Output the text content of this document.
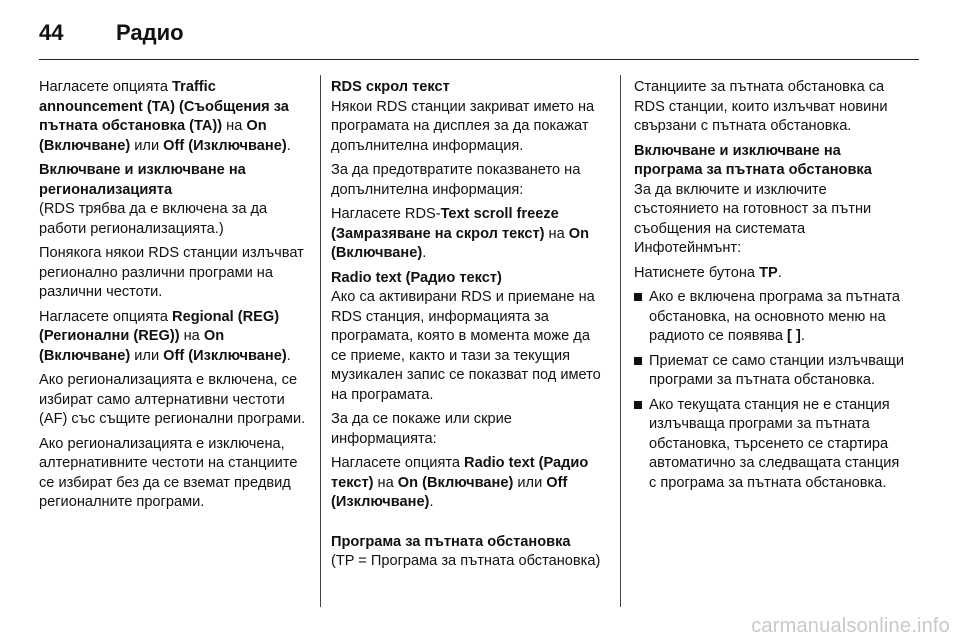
44 Радио

Нагласете опцията Traffic announcement (TA) (Съобщения за пътната обстановка (TA)) на On (Включване) или Off (Изключване).

Включване и изключване на регионализацията

(RDS трябва да е включена за да работи регионализацията.)

Понякога някои RDS станции излъчват регионално различни програми на различни честоти.

Нагласете опцията Regional (REG) (Регионални (REG)) на On (Включване) или Off (Изключване).

Ако регионализацията е включена, се избират само алтернативни честоти (AF) със същите регионални програми.

Ако регионализацията е изключена, алтернативните честоти на станциите се избират без да се вземат предвид регионалните програми.

RDS скрол текст

Някои RDS станции закриват името на програмата на дисплея за да покажат допълнителна информация.

За да предотвратите показването на допълнителна информация:

Нагласете RDS-Text scroll freeze (Замразяване на скрол текст) на On (Включване).

Radio text (Радио текст)

Ако са активирани RDS и приемане на RDS станция, информацията за програмата, която в момента може да се приеме, както и тази за текущия музикален запис се показват под името на програмата.

За да се покаже или скрие информацията:

Нагласете опцията Radio text (Радио текст) на On (Включване) или Off (Изключване).

Програма за пътната обстановка

(TP = Програма за пътната обстановка)

Станциите за пътната обстановка са RDS станции, които излъчват новини свързани с пътната обстановка.

Включване и изключване на програма за пътната обстановка

За да включите и изключите състоянието на готовност за пътни съобщения на системата Инфотейнмънт:

Натиснете бутона TP.

Ако е включена програма за пътната обстановка, на основното меню на радиото се появява [ ].
Приемат се само станции излъчващи програми за пътната обстановка.
Ако текущата станция не е станция излъчваща програми за пътната обстановка, търсенето се стартира автоматично за следващата станция с програма за пътната обстановка.
carmanualsonline.info
